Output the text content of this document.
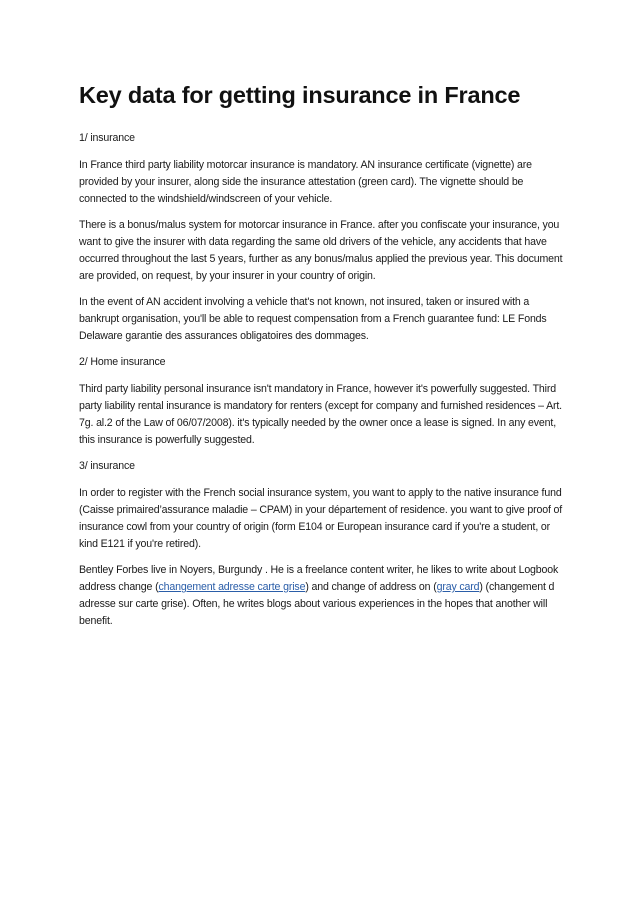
Key data for getting insurance in France

1/ insurance

In France third party liability motorcar insurance is mandatory. AN insurance certificate (vignette) are provided by your insurer, along side the insurance attestation (green card). The vignette should be connected to the windshield/windscreen of your vehicle.

There is a bonus/malus system for motorcar insurance in France. after you confiscate your insurance, you want to give the insurer with data regarding the same old drivers of the vehicle, any accidents that have occurred throughout the last 5 years, further as any bonus/malus applied the previous year. This document are provided, on request, by your insurer in your country of origin.

In the event of AN accident involving a vehicle that's not known, not insured, taken or insured with a bankrupt organisation, you'll be able to request compensation from a French guarantee fund: LE Fonds Delaware garantie des assurances obligatoires des dommages.

2/ Home insurance

Third party liability personal insurance isn't mandatory in France, however it's powerfully suggested. Third party liability rental insurance is mandatory for renters (except for company and furnished residences – Art. 7g. al.2 of the Law of 06/07/2008). it's typically needed by the owner once a lease is signed. In any event, this insurance is powerfully suggested.

3/ insurance

In order to register with the French social insurance system, you want to apply to the native insurance fund (Caisse primaired’assurance maladie – CPAM) in your département of residence. you want to give proof of insurance cowl from your country of origin (form E104 or European insurance card if you're a student, or kind E121 if you're retired).

Bentley Forbes live in Noyers, Burgundy . He is a freelance content writer, he likes to write about Logbook address change (changement adresse carte grise) and change of address on (gray card) (changement d adresse sur carte grise). Often, he writes blogs about various experiences in the hopes that another will benefit.
